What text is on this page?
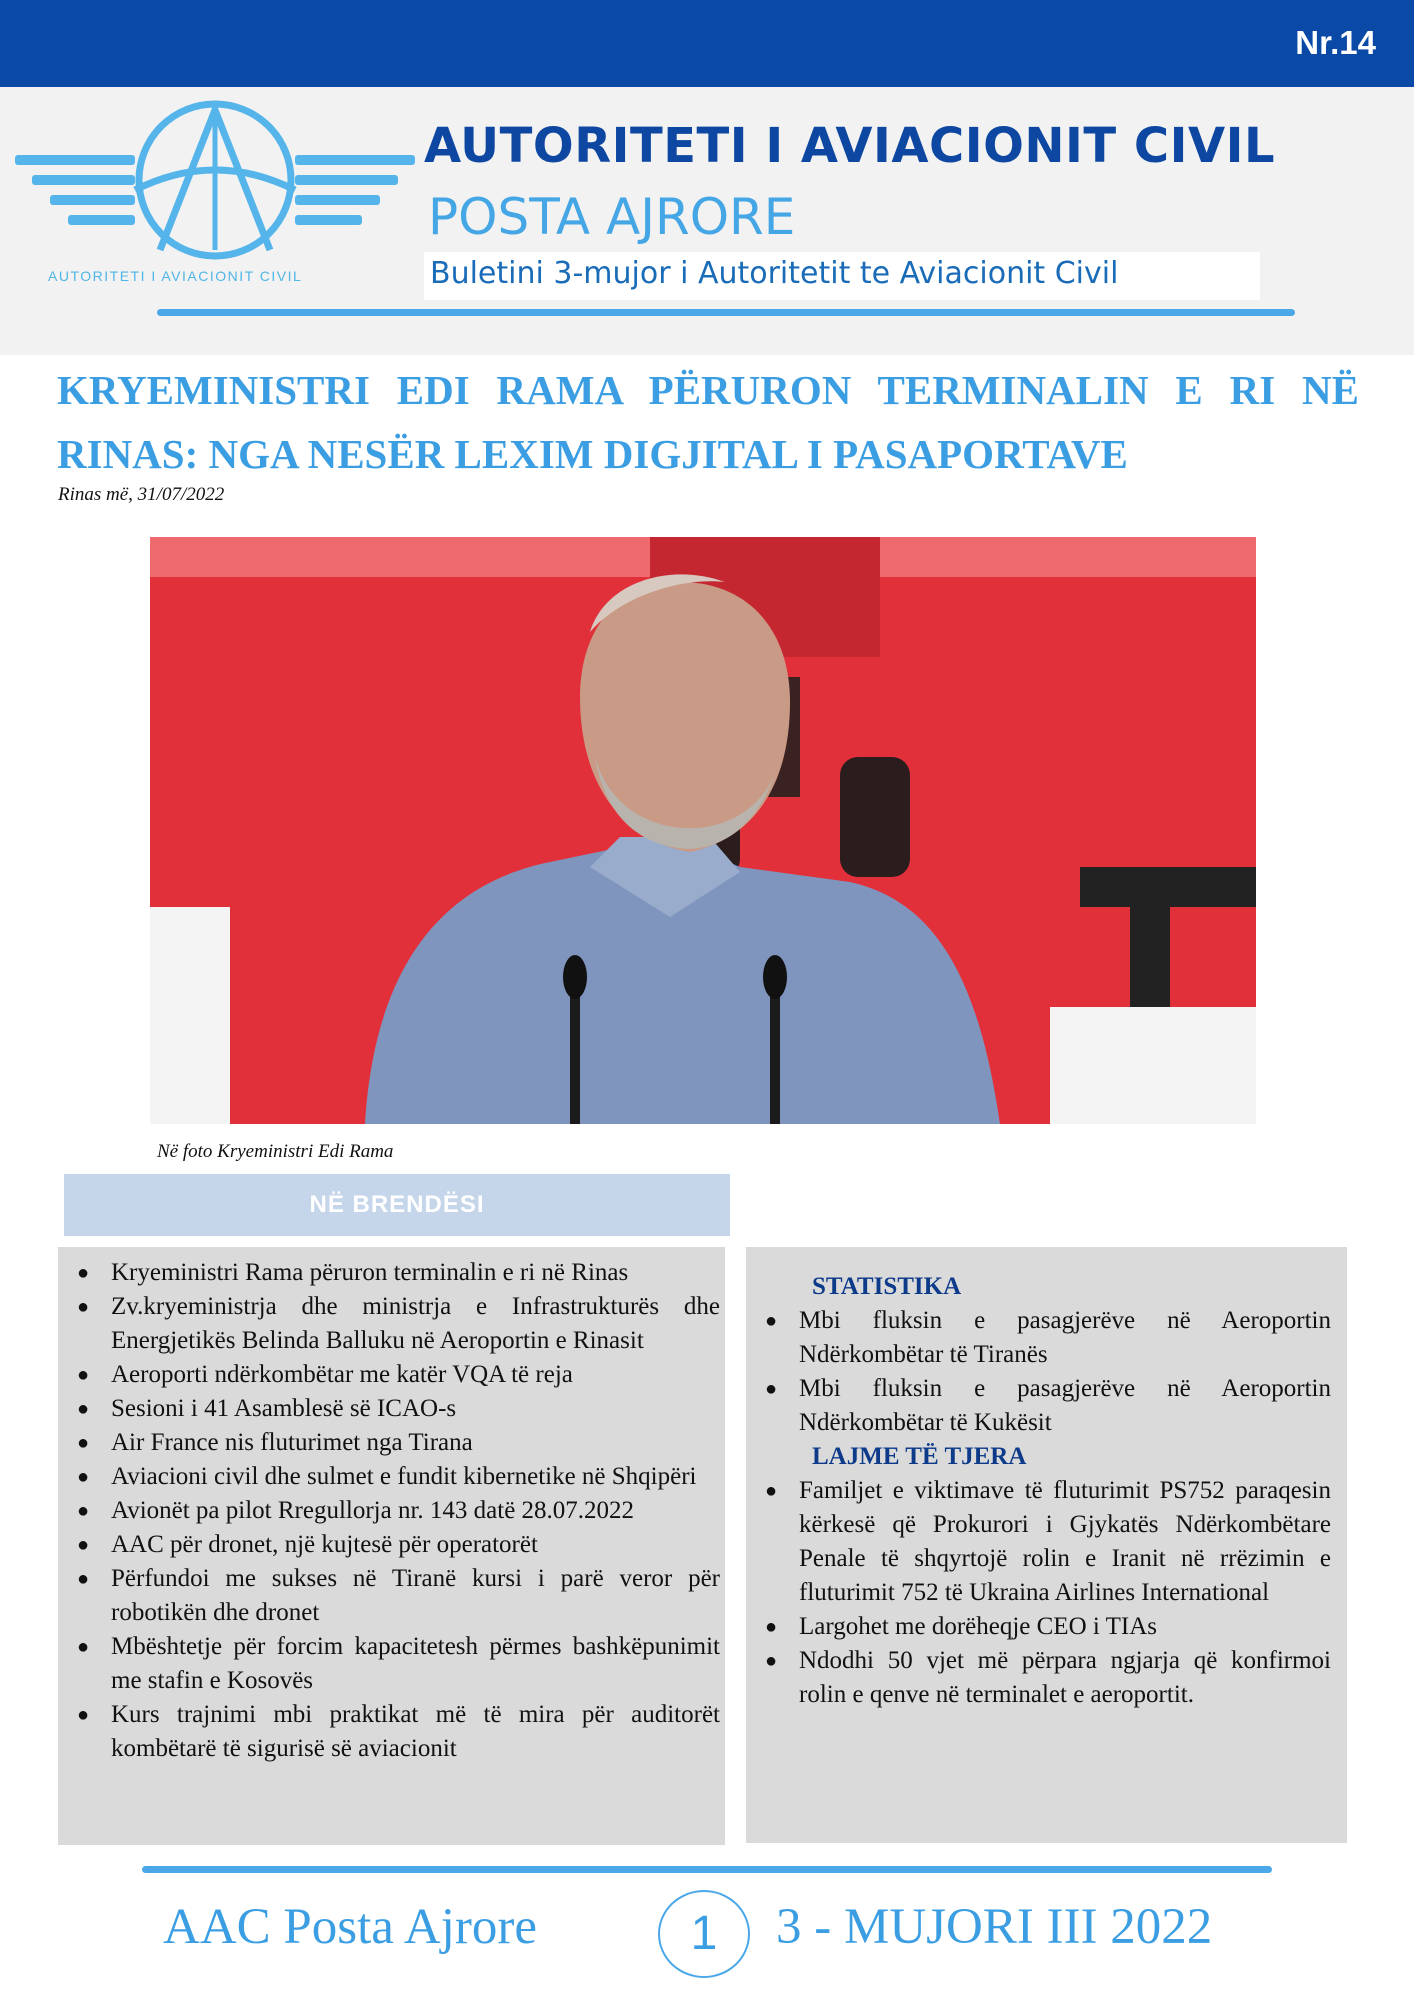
Nr.14
AUTORITETI I AVIACIONIT CIVIL
AUTORITETI I AVIACIONIT CIVIL
POSTA AJRORE
Buletini 3-mujor i Autoritetit te Aviacionit Civil
KRYEMINISTRI EDI RAMA PËRURON TERMINALIN E RI NË RINAS: NGA NESËR LEXIM DIGJITAL I PASAPORTAVE
Rinas më, 31/07/2022
Në foto Kryeministri Edi Rama
NË BRENDËSI
● Kryeministri Rama përuron terminalin e ri në Rinas
● Zv.kryeministrja dhe ministrja e Infrastrukturës dhe Energjetikës Belinda Balluku në Aeroportin e Rinasit
● Aeroporti ndërkombëtar me katër VQA të reja
● Sesioni i 41 Asamblesë së ICAO-s
● Air France nis fluturimet nga Tirana
● Aviacioni civil dhe sulmet e fundit kibernetike në Shqipëri
● Avionët pa pilot Rregullorja nr. 143 datë 28.07.2022
● AAC për dronet, një kujtesë për operatorët
● Përfundoi me sukses në Tiranë kursi i parë veror për robotikën dhe dronet
● Mbështetje për forcim kapacitetesh përmes bashkëpunimit me stafin e Kosovës
● Kurs trajnimi mbi praktikat më të mira për auditorët kombëtarë të sigurisë së aviacionit
STATISTIKA
● Mbi fluksin e pasagjerëve në Aeroportin Ndërkombëtar të Tiranës
● Mbi fluksin e pasagjerëve në Aeroportin Ndërkombëtar të Kukësit
LAJME TË TJERA
● Familjet e viktimave të fluturimit PS752 paraqesin kërkesë që Prokurori i Gjykatës Ndërkombëtare Penale të shqyrtojë rolin e Iranit në rrëzimin e fluturimit 752 të Ukraina Airlines International
● Largohet me dorëheqje CEO i TIAs
● Ndodhi 50 vjet më përpara ngjarja që konfirmoi rolin e qenve në terminalet e aeroportit.
AAC Posta Ajrore	1	3 - MUJORI III 2022
